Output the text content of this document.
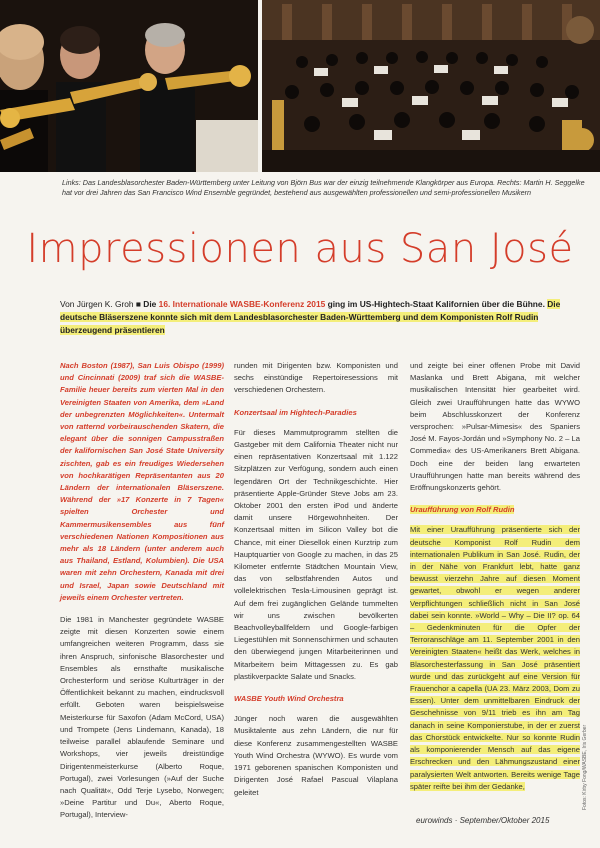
Links: Das Landesblasorchester Baden-Württemberg unter Leitung von Björn Bus war der einzig teilnehmende Klangkörper aus Europa. Rechts: Martin H. Seggelke hat vor drei Jahren das San Francisco Wind Ensemble gegründet, bestehend aus ausgewählten professionellen und semi-professionellen Musikern
Impressionen aus San José
Von Jürgen K. Groh ■ Die 16. Internationale WASBE-Konferenz 2015 ging im US-Hightech-Staat Kalifornien über die Bühne. Die deutsche Bläserszene konnte sich mit dem Landesblasorchester Baden-Württemberg und dem Komponisten Rolf Rudin überzeugend präsentieren

Nach Boston (1987), San Luis Obispo (1999) und Cincinnati (2009) traf sich die WASBE-Familie heuer bereits zum vierten Mal in den Vereinigten Staaten von Amerika, dem »Land der unbegrenzten Möglichkeiten«. Untermalt von ratternd vorbeirauschenden Skatern, die elegant über die sonnigen Campusstraßen der kalifornischen San José State University zischten, gab es ein freudiges Wiedersehen von hochkarätigen Repräsentanten aus 20 Ländern der internationalen Bläserszene. Während der »17 Konzerte in 7 Tagen« spielten Orchester und Kammermusikensembles aus fünf verschiedenen Nationen Kompositionen aus mehr als 18 Ländern (unter anderem auch aus Thailand, Estland, Kolumbien). Die USA waren mit zehn Orchestern, Kanada mit drei und Israel, Japan sowie Deutschland mit jeweils einem Orchester vertreten.

Die 1981 in Manchester gegründete WASBE zeigte mit diesen Konzerten sowie einem umfangreichen weiteren Programm, dass sie ihren Anspruch, sinfonische Blasorchester und Ensembles als ernsthafte musikalische Orchesterform und seriöse Kulturträger in der Öffentlichkeit bekannt zu machen, eindrucksvoll erfüllt. Geboten waren beispielsweise Meisterkurse für Saxofon (Adam McCord, USA) und Trompete (Jens Lindemann, Kanada), 18 teilweise parallel ablaufende Seminare und Workshops, vier jeweils dreistündige Dirigentenmeisterkurse (Alberto Roque, Portugal), zwei Vorlesungen (»Auf der Suche nach Qualität«, Odd Terje Lysebo, Norwegen; »Deine Partitur und Du«, Aberto Roque, Portugal), Interview-

runden mit Dirigenten bzw. Komponisten und sechs einstündige Repertoiresessions mit verschiedenen Orchestern.

Konzertsaal im Hightech-Paradies

Für dieses Mammutprogramm stellten die Gastgeber mit dem California Theater nicht nur einen repräsentativen Konzertsaal mit 1.122 Sitzplätzen zur Verfügung, sondern auch einen legendären Ort der Technikgeschichte. Hier präsentierte Apple-Gründer Steve Jobs am 23. Oktober 2001 den ersten iPod und änderte damit unsere Hörgewohnheiten. Der Konzertsaal mitten im Silicon Valley bot die Chance, mit einer Diesellok einen Kurztrip zum Hauptquartier von Google zu machen, in das 25 Kilometer entfernte Städtchen Mountain View, das von selbstfahrenden Autos und vollelektrischen Tesla-Limousinen geprägt ist. Auf dem frei zugänglichen Gelände tummelten wir uns zwischen bevölkerten Beachvolleyballfeldern und Google-farbigen Liegestühlen mit Sonnenschirmen und schauten den überwiegend jungen Mitarbeiterinnen und Mitarbeitern beim Mittagessen zu. Es gab plastikverpackte Salate und Snacks.

WASBE Youth Wind Orchestra

Jünger noch waren die ausgewählten Musiktalente aus zehn Ländern, die nur für diese Konferenz zusammengestellten WASBE Youth Wind Orchestra (WYWO). Es wurde vom 1971 geborenen spanischen Komponisten und Dirigenten José Rafael Pascual Vilaplana geleitet

und zeigte bei einer offenen Probe mit David Maslanka und Brett Abigana, mit welcher musikalischen Intensität hier gearbeitet wird. Gleich zwei Uraufführungen hatte das WYWO beim Abschlusskonzert der Konferenz versprochen: »Pulsar-Mimesis« des Spaniers José M. Fayos-Jordán und »Symphony No. 2 – La Commedia« des US-Amerikaners Brett Abigana. Doch eine der beiden lang erwarteten Uraufführungen hatte man bereits während des Eröffnungskonzerts gehört.

Uraufführung von Rolf Rudin

Mit einer Uraufführung präsentierte sich der deutsche Komponist Rolf Rudin dem internationalen Publikum in San José. Rudin, der in der Nähe von Frankfurt lebt, hatte ganz bewusst vierzehn Jahre auf diesen Moment gewartet, obwohl er wegen anderer Verpflichtungen schließlich nicht in San José dabei sein konnte. »World – Why – Die II? op. 64 – Gedenkminuten für die Opfer der Terroranschläge am 11. September 2001 in den Vereinigten Staaten« heißt das Werk, welches in Blasorchesterfassung in San José präsentiert wurde und das zurückgeht auf eine Version für Frauenchor a capella (UA 23. März 2003, Dom zu Essen). Unter dem unmittelbaren Eindruck der Geschehnisse von 9/11 trieb es ihn am Tag danach in seine Komponierstube, in der er zuerst das Chorstück entwickelte. Nur so konnte Rudin als komponierender Mensch auf das eigene Erschrecken und den Lähmungszustand einer paralysierten Welt antworten. Bereits wenige Tage später reifte bei ihm der Gedanke,	Fotos: Kirby Fong/WASBE, Iris Gerber
eurowinds · September/Oktober 2015
